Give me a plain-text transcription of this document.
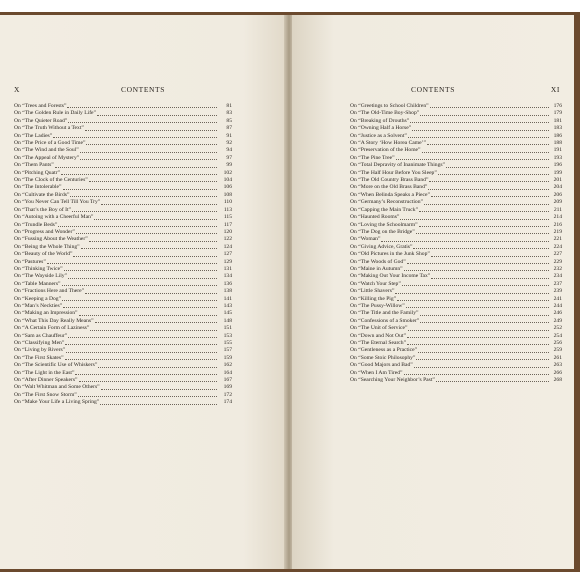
X	CONTENTS
On “Trees and Forests”	81
On “The Golden Rule in Daily Life”	83
On “The Quieter Road”	85
On “The Truth Without a Text”	87
On “The Ladies”	91
On “The Price of a Good Time”	92
On “The Wind and the Soul”	94
On “The Appeal of Mystery”	97
On “Them Pants”	99
On “Pitching Quatr”	102
On “The Clock of the Centuries”	104
On “The Intolerable”	106
On “Cultivate the Birds”	108
On “You Never Can Tell Till You Try”	110
On “That’s the Boy of It”	113
On “Autoing with a Cheerful Man”	115
On “Trundle Beds”	117
On “Progress and Wonder”	120
On “Fussing About the Weather”	122
On “Being the Whole Thing”	124
On “Beauty of the World”	127
On “Pastures”	129
On “Thinking Twice”	131
On “The Wayside Lily”	134
On “Table Manners”	136
On “Fractions Here and There”	138
On “Keeping a Dog”	141
On “Man’s Neckties”	143
On “Making an Impression”	145
On “What This Day Really Means”	148
On “A Certain Form of Laziness”	151
On “Sam as Chauffeur”	153
On “Classifying Men”	155
On “Living by Rivers”	157
On “The First Skates”	159
On “The Scientific Use of Whiskers”	162
On “The Light in the East”	164
On “After Dinner Speakers”	167
On “Walt Whitman and Some Others”	169
On “The First Snow Storm”	172
On “Make Your Life a Living Spring”	174
CONTENTS	XI
On “Greetings to School Children”	176
On “The Old-Time Boy-Shop”	179
On “Breaking of Drouths”	181
On “Owning Half a Horse”	183
On “Justice as a Solvent”	186
On “A Story ‘How Horea Came’”	188
On “Preservation of the Home”	191
On “The Pine Tree”	193
On “Total Depravity of Inanimate Things”	196
On “The Half Hour Before You Sleep”	199
On “The Old Country Brass Band”	201
On “More on the Old Brass Band”	204
On “When Belinda Speaks a Piece”	206
On “Germany’s Reconstruction”	209
On “Capping the Main Truck”	211
On “Haunted Rooms”	214
On “Loving the Schoolmarm”	216
On “The Dog on the Bridge”	219
On “Woman”	221
On “Giving Advice, Gratis”	224
On “Old Pictures in the Junk Shop”	227
On “The Woods of God”	229
On “Maine in Autumn”	232
On “Making Out Your Income Tax”	234
On “Watch Your Step”	237
On “Little Shavers”	239
On “Killing the Pig”	241
On “The Pussy-Willow”	244
On “The Title and the Family”	246
On “Confessions of a Smoker”	249
On “The Unit of Service”	252
On “Down and Not Out”	254
On “The Eternal Search”	256
On “Gentleness as a Practice”	259
On “Some Stoic Philosophy”	261
On “Good Majors and Bad”	263
On “When I Am Tired”	266
On “Searching Your Neighbor’s Past”	268
